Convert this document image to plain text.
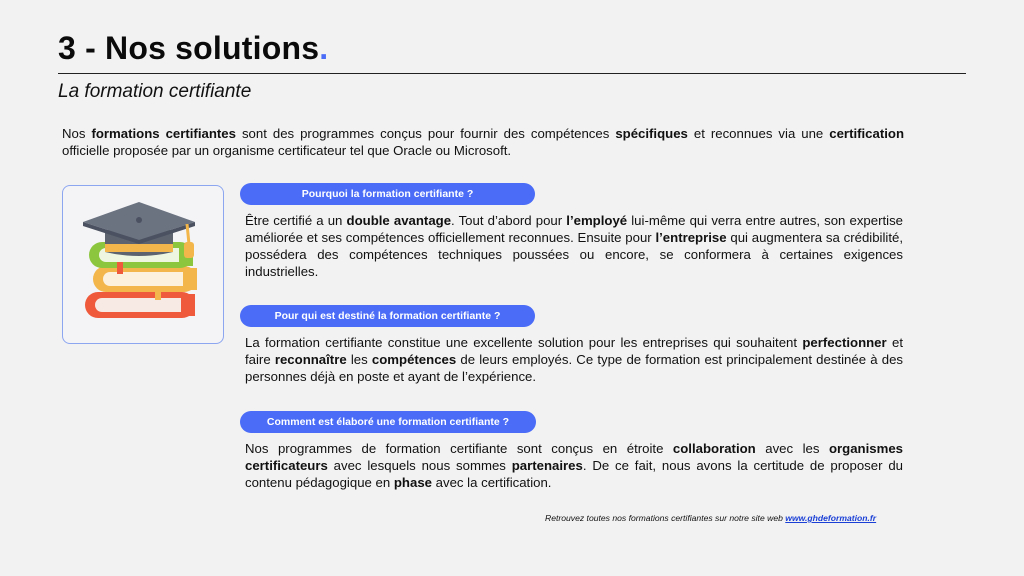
3 - Nos solutions.
La formation certifiante

Nos formations certifiantes sont des programmes conçus pour fournir des compétences spécifiques et reconnues via une certification officielle proposée par un organisme certificateur tel que Oracle ou Microsoft.

Pourquoi la formation certifiante ?

Être certifié a un double avantage. Tout d’abord pour l’employé lui-même qui verra entre autres, son expertise améliorée et ses compétences officiellement reconnues. Ensuite pour l’entreprise qui augmentera sa crédibilité, possédera des compétences techniques poussées ou encore, se conformera à certaines exigences industrielles.

Pour qui est destiné la formation certifiante ?

La formation certifiante constitue une excellente solution pour les entreprises qui souhaitent perfectionner et faire reconnaître les compétences de leurs employés. Ce type de formation est principalement destinée à des personnes déjà en poste et ayant de l’expérience.

Comment est élaboré une formation certifiante ?

Nos programmes de formation certifiante sont conçus en étroite collaboration avec les organismes certificateurs avec lesquels nous sommes partenaires. De ce fait, nous avons la certitude de proposer du contenu pédagogique en phase avec la certification.

Retrouvez toutes nos formations certifiantes sur notre site web www.ghdeformation.fr
